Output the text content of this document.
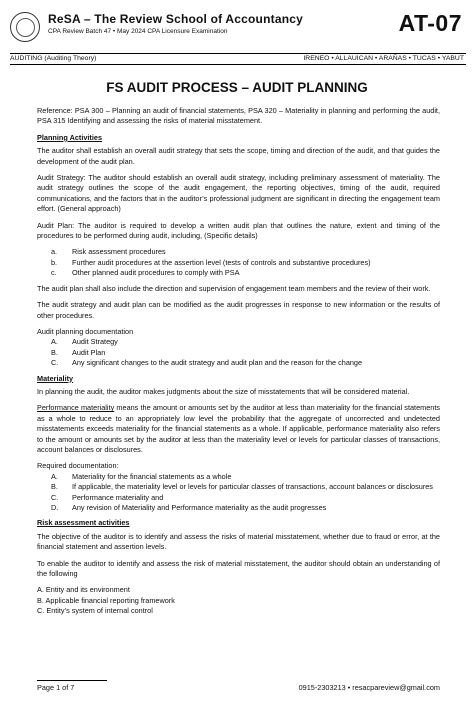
ReSA – The Review School of Accountancy
CPA Review Batch 47 • May 2024 CPA Licensure Examination	AT-07
AUDITING (Auditing Theory)	IRENEO • ALLAUICAN • ARAÑAS • TUCAS • YABUT
FS AUDIT PROCESS – AUDIT PLANNING

Reference: PSA 300 – Planning an audit of financial statements, PSA 320 – Materiality in planning and performing the audit, PSA 315 Identifying and assessing the risks of material misstatement.

Planning Activities

The auditor shall establish an overall audit strategy that sets the scope, timing and direction of the audit, and that guides the development of the audit plan.

Audit Strategy: The auditor should establish an overall audit strategy, including preliminary assessment of materiality. The audit strategy outlines the scope of the audit engagement, the reporting objectives, timing of the audit, required communications, and the factors that in the auditor’s professional judgment are significant in directing the engagement team effort. (General approach)

Audit Plan: The auditor is required to develop a written audit plan that outlines the nature, extent and timing of the procedures to be performed during audit, including, (Specific details)

a.	Risk assessment procedures
b.	Further audit procedures at the assertion level (tests of controls and substantive procedures)
c.	Other planned audit procedures to comply with PSA

The audit plan shall also include the direction and supervision of engagement team members and the review of their work.

The audit strategy and audit plan can be modified as the audit progresses in response to new information or the results of other procedures.

Audit planning documentation
A.	Audit Strategy
B.	Audit Plan
C.	Any significant changes to the audit strategy and audit plan and the reason for the change
Materiality

In planning the audit, the auditor makes judgments about the size of misstatements that will be considered material.

Performance materiality means the amount or amounts set by the auditor at less than materiality for the financial statements as a whole to reduce to an appropriately low level the probability that the aggregate of uncorrected and undetected misstatements exceeds materiality for the financial statements as a whole. If applicable, performance materiality also refers to the amount or amounts set by the auditor at less than the materiality level or levels for particular classes of transactions, account balances or disclosures.

Required documentation:
A.	Materiality for the financial statements as a whole
B.	If applicable, the materiality level or levels for particular classes of transactions, account balances or disclosures
C.	Performance materiality and
D.	Any revision of Materiality and Performance materiality as the audit progresses
Risk assessment activities

The objective of the auditor is to identify and assess the risks of material misstatement, whether due to fraud or error, at the financial statement and assertion levels.

To enable the auditor to identify and assess the risk of material misstatement, the auditor should obtain an understanding of the following

A. Entity and its environment
B. Applicable financial reporting framework
C. Entity’s system of internal control
Page 1 of 7	0915-2303213 • resacpareview@gmail.com
